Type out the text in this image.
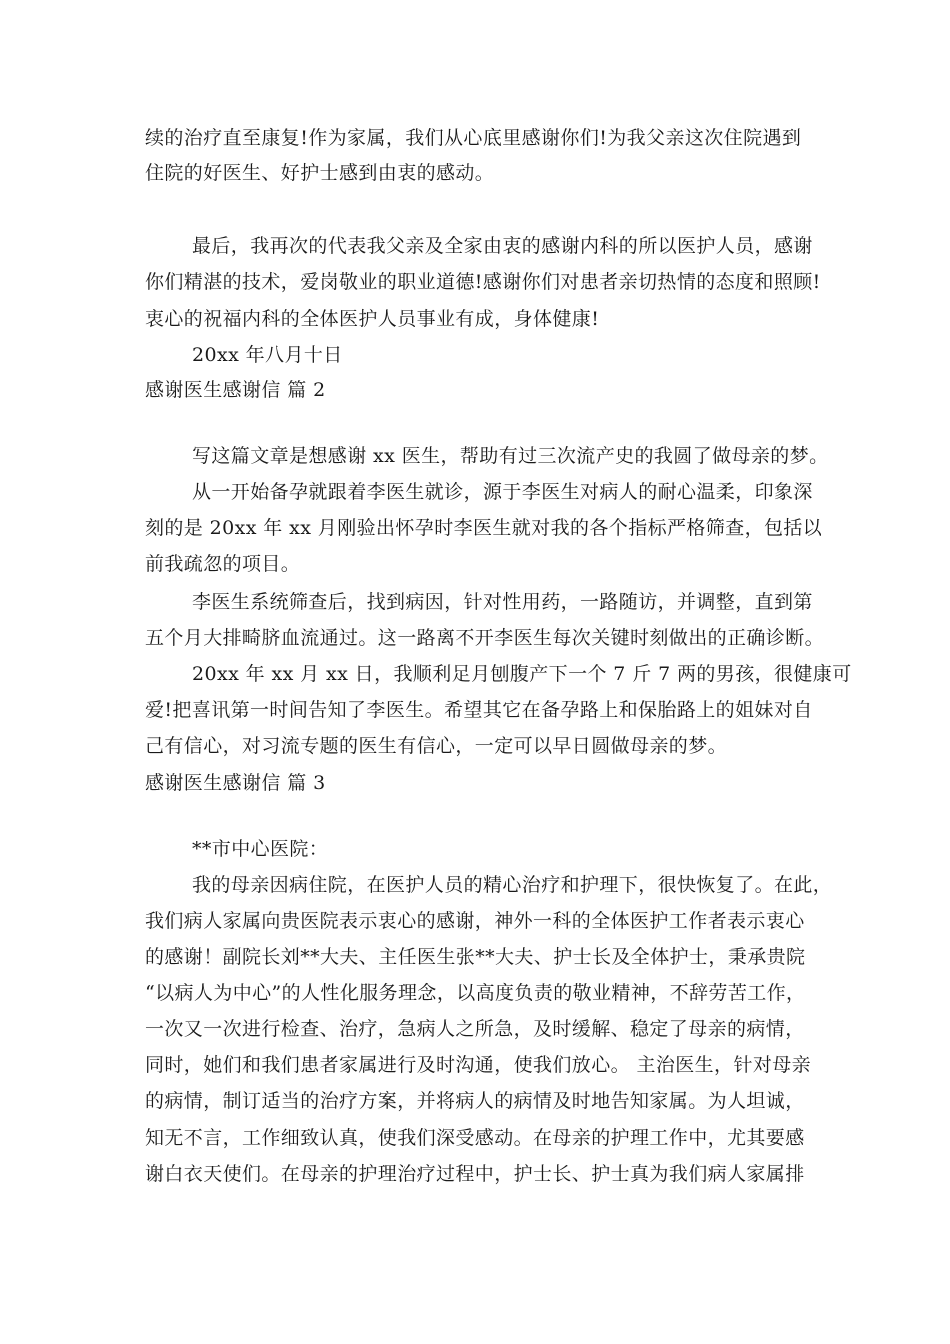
续的治疗直至康复!作为家属，我们从心底里感谢你们!为我父亲这次住院遇到
住院的好医生、好护士感到由衷的感动。
最后，我再次的代表我父亲及全家由衷的感谢内科的所以医护人员，感谢
你们精湛的技术，爱岗敬业的职业道德!感谢你们对患者亲切热情的态度和照顾!
衷心的祝福内科的全体医护人员事业有成，身体健康!
20xx 年八月十日
感谢医生感谢信 篇 2
写这篇文章是想感谢 xx 医生，帮助有过三次流产史的我圆了做母亲的梦。
从一开始备孕就跟着李医生就诊，源于李医生对病人的耐心温柔，印象深
刻的是 20xx 年 xx 月刚验出怀孕时李医生就对我的各个指标严格筛查，包括以
前我疏忽的项目。
李医生系统筛查后，找到病因，针对性用药，一路随访，并调整，直到第
五个月大排畸脐血流通过。这一路离不开李医生每次关键时刻做出的正确诊断。
20xx 年 xx 月 xx 日，我顺利足月刨腹产下一个 7 斤 7 两的男孩，很健康可
爱!把喜讯第一时间告知了李医生。希望其它在备孕路上和保胎路上的姐妹对自
己有信心，对习流专题的医生有信心，一定可以早日圆做母亲的梦。
感谢医生感谢信 篇 3
**市中心医院：
我的母亲因病住院，在医护人员的精心治疗和护理下，很快恢复了。在此，
我们病人家属向贵医院表示衷心的感谢，神外一科的全体医护工作者表示衷心
的感谢！副院长刘**大夫、主任医生张**大夫、护士长及全体护士，秉承贵院
“以病人为中心”的人性化服务理念，以高度负责的敬业精神，不辞劳苦工作，
一次又一次进行检查、治疗，急病人之所急，及时缓解、稳定了母亲的病情，
同时，她们和我们患者家属进行及时沟通，使我们放心。 主治医生，针对母亲
的病情，制订适当的治疗方案，并将病人的病情及时地告知家属。为人坦诚，
知无不言，工作细致认真，使我们深受感动。在母亲的护理工作中，尤其要感
谢白衣天使们。在母亲的护理治疗过程中，护士长、护士真为我们病人家属排
